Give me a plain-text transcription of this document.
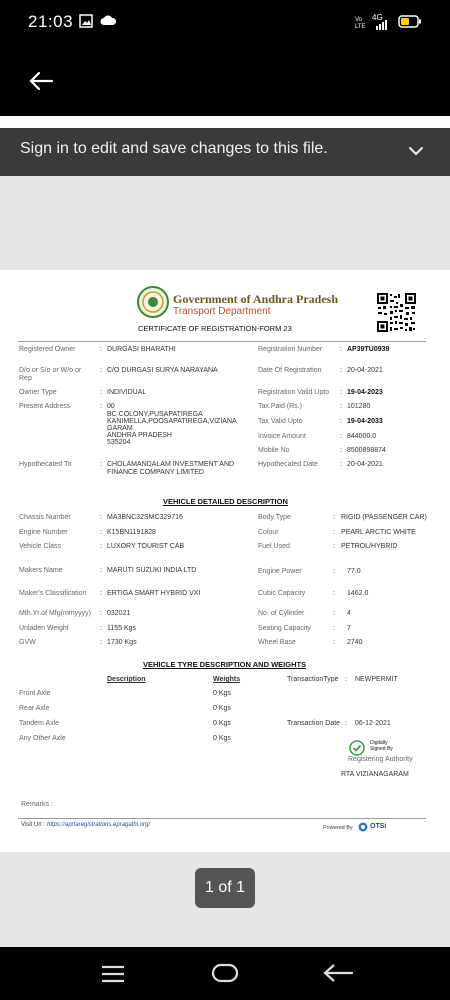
21:03	Vo
LTE
4G
Sign in to edit and save changes to this file.
Government of Andhra Pradesh
Transport Department
CERTIFICATE OF REGISTRATION-FORM 23
Registered Owner	: DURGASI BHARATHI
D/o or S/o or W/o or Rep
: C/O DURGASI SURYA NARAYANA
Owner Type	: INDIVIDUAL
Present Address	: 00
BC COLONY,PUSAPATIREGA
KANIMELLA,POOSAPATIREGA,VIZIANA
GARAM
ANDHRA PRADESH
535204
Hypothecated To	: CHOLAMANDALAM INVESTMENT AND FINANCE COMPANY LIMITED
Registration Number	: AP39TU0939
Date Of Registration	: 20-04-2021
Registration Valid Upto : 19-04-2023
Tax Paid (Rs.)	: 101280
Tax Valid Upto	: 19-04-2033
Invoice Amount	: 844000.0
Mobile No	: 8500898874
Hypothecated Date	: 20-04-2021
VEHICLE DETAILED DESCRIPTION
Chassis Number	: MA3BNC32SMC329716
Engine Number	: K15BN1191828
Vehicle Class	: LUXORY TOURIST CAB
Makers Name	: MARUTI SUZUKI INDIA LTD
Maker's Classification	: ERTIGA SMART HYBRID VXI
Mth.Yr.of Mfg(mmyyyy) : 032021
Unladen Weight	: 1155 Kgs
GVW	: 1730 Kgs
Body Type	: RIGID (PASSENGER CAR)
Colour	: PEARL ARCTIC WHITE
Fuel Used	: PETROL/HYBRID
Engine Power	: 77.0
Cubic Capacity	: 1462.0
No. of Cylinder	: 4
Seating Capacity	: 7
Wheel Base	: 2740
VEHICLE TYRE DESCRIPTION AND WEIGHTS
Description	Weights
Front Axle	0 Kgs
Rear Axle	0 Kgs
Tandem Axle	0 Kgs
Any Other Axle	0 Kgs
TransactionType : NEWPERMIT
Transaction Date : 06-12-2021
Digitally
Signed By
Registering Authority
RTA VIZIANAGARAM
Remarks :
Visit Url : https://aprtaregistrations.epragathi.org/	Powered By OTSi
1 of 1
